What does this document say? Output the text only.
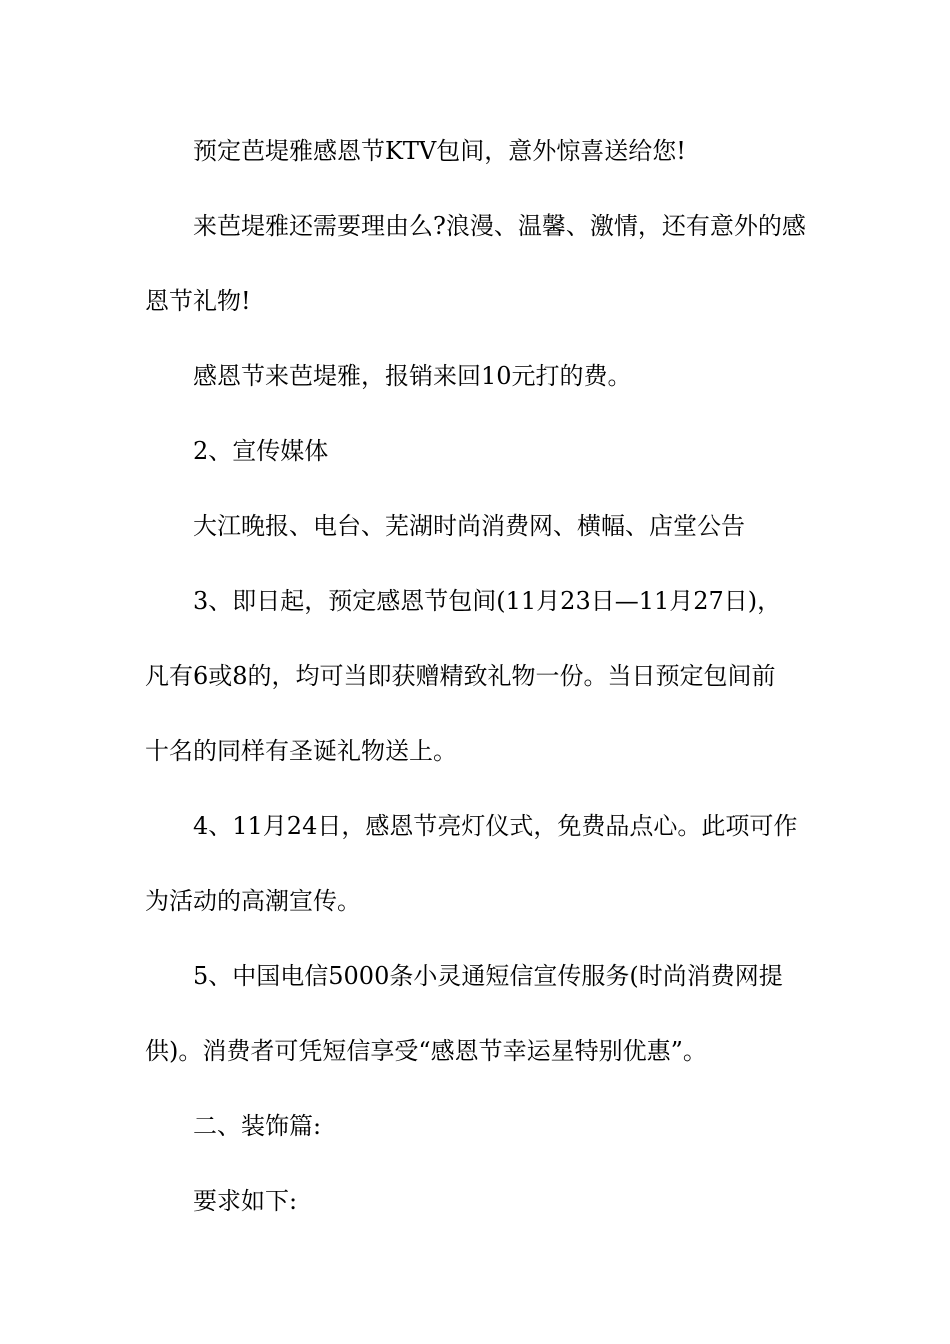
预定芭堤雅感恩节KTV包间，意外惊喜送给您!

来芭堤雅还需要理由么?浪漫、温馨、激情，还有意外的感

恩节礼物!

感恩节来芭堤雅，报销来回10元打的费。

2、宣传媒体

大江晚报、电台、芜湖时尚消费网、横幅、店堂公告

3、即日起，预定感恩节包间(11月23日—11月27日)，

凡有6或8的，均可当即获赠精致礼物一份。当日预定包间前

十名的同样有圣诞礼物送上。

4、11月24日，感恩节亮灯仪式，免费品点心。此项可作

为活动的高潮宣传。

5、中国电信5000条小灵通短信宣传服务(时尚消费网提

供)。消费者可凭短信享受“感恩节幸运星特别优惠”。

二、装饰篇:

要求如下:
